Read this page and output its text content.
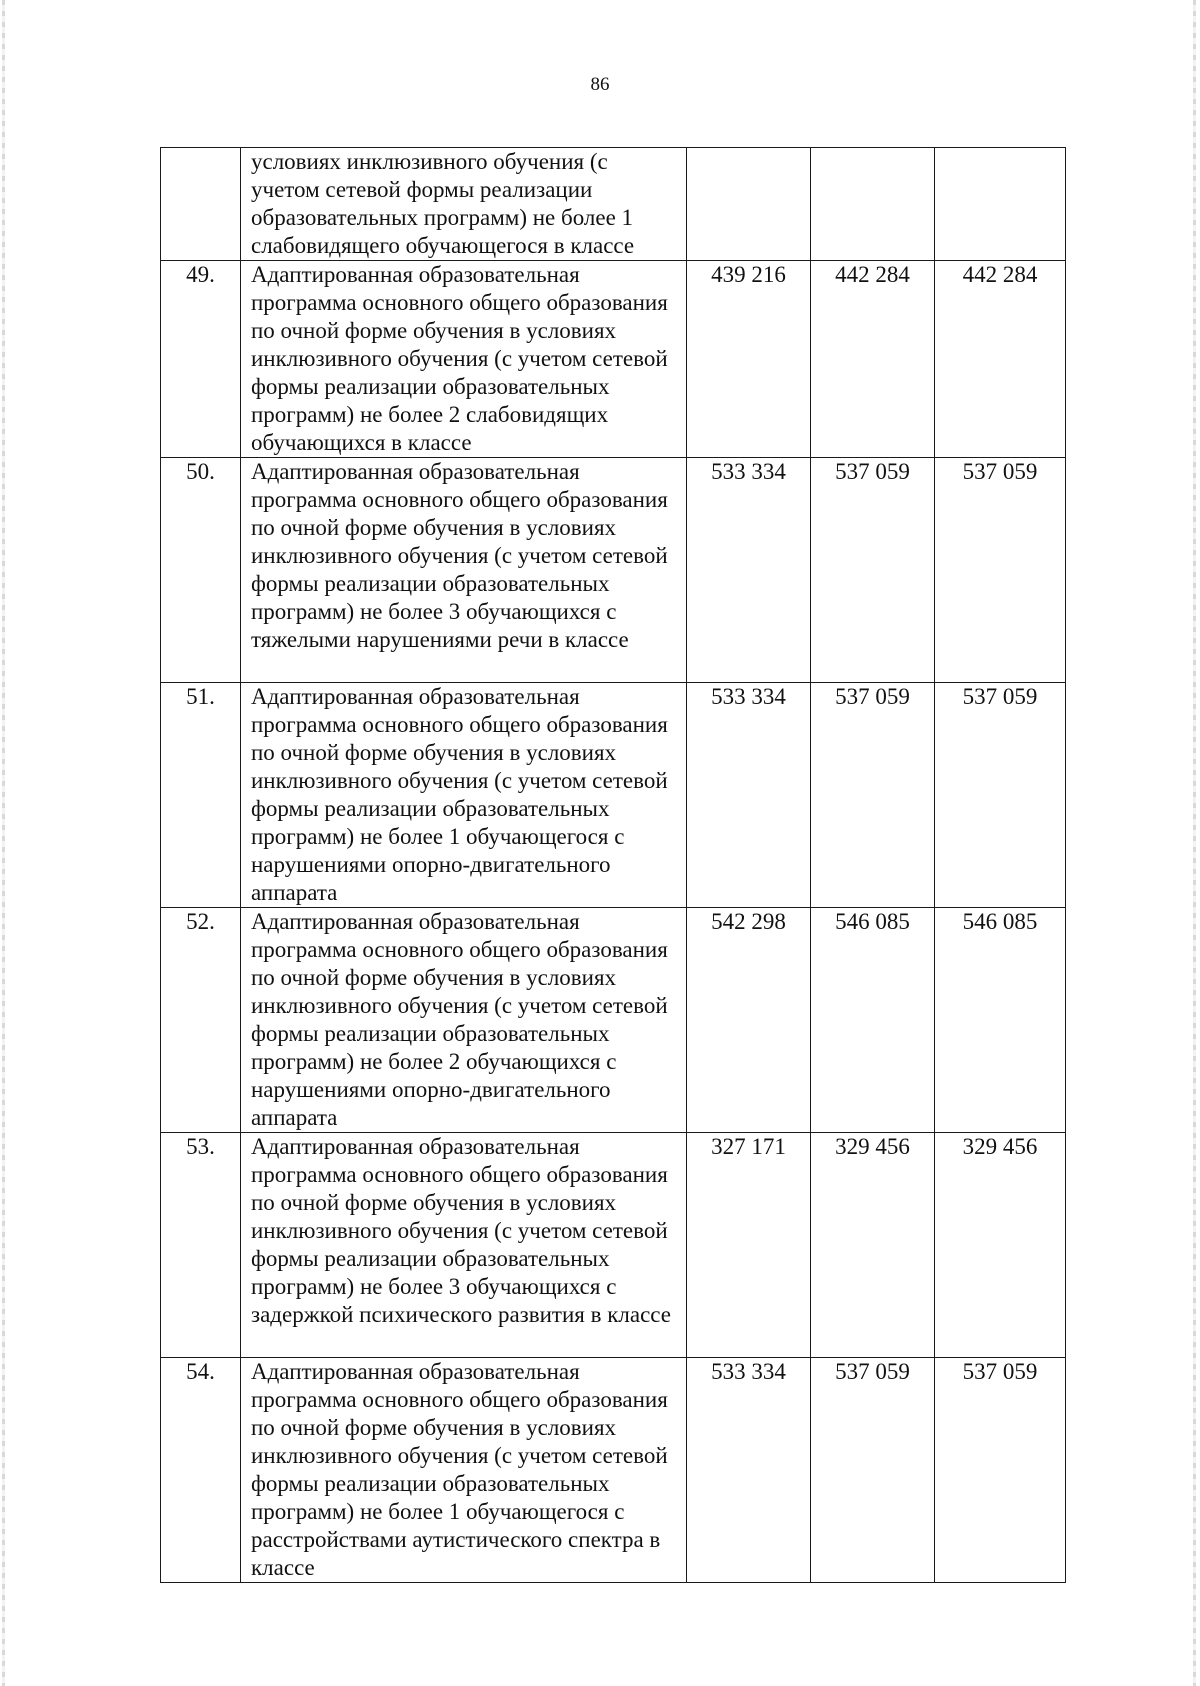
86
	условиях инклюзивного обучения (с учетом сетевой формы реализации образовательных программ) не более 1 слабовидящего обучающегося в классе			
49.	Адаптированная образовательная программа основного общего образования по очной форме обучения в условиях инклюзивного обучения (с учетом сетевой формы реализации образовательных программ) не более 2 слабовидящих обучающихся в классе	439 216	442 284	442 284
50.	Адаптированная образовательная программа основного общего образования по очной форме обучения в условиях инклюзивного обучения (с учетом сетевой формы реализации образовательных программ) не более 3 обучающихся с тяжелыми нарушениями речи в классе	533 334	537 059	537 059
51.	Адаптированная образовательная программа основного общего образования по очной форме обучения в условиях инклюзивного обучения (с учетом сетевой формы реализации образовательных программ) не более 1 обучающегося с нарушениями опорно-двигательного аппарата	533 334	537 059	537 059
52.	Адаптированная образовательная программа основного общего образования по очной форме обучения в условиях инклюзивного обучения (с учетом сетевой формы реализации образовательных программ) не более 2 обучающихся с нарушениями опорно-двигательного аппарата	542 298	546 085	546 085
53.	Адаптированная образовательная программа основного общего образования по очной форме обучения в условиях инклюзивного обучения (с учетом сетевой формы реализации образовательных программ) не более 3 обучающихся с задержкой психического развития в классе	327 171	329 456	329 456
54.	Адаптированная образовательная программа основного общего образования по очной форме обучения в условиях инклюзивного обучения (с учетом сетевой формы реализации образовательных программ) не более 1 обучающегося с расстройствами аутистического спектра в классе	533 334	537 059	537 059
